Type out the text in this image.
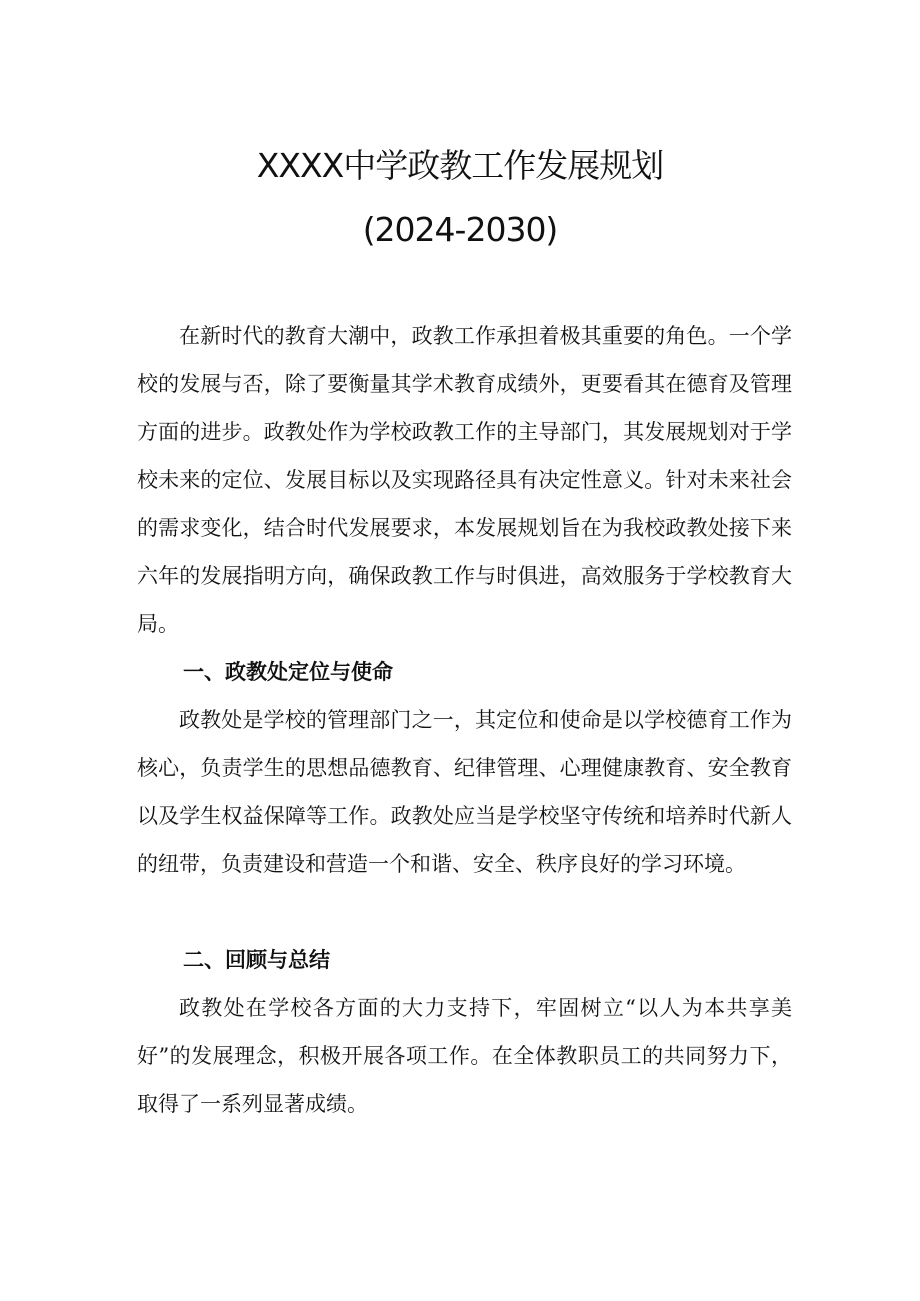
XXXX中学政教工作发展规划
(2024-2030)

在新时代的教育大潮中，政教工作承担着极其重要的角色。一个学校的发展与否，除了要衡量其学术教育成绩外，更要看其在德育及管理方面的进步。政教处作为学校政教工作的主导部门，其发展规划对于学校未来的定位、发展目标以及实现路径具有决定性意义。针对未来社会的需求变化，结合时代发展要求，本发展规划旨在为我校政教处接下来六年的发展指明方向，确保政教工作与时俱进，高效服务于学校教育大局。

一、政教处定位与使命

政教处是学校的管理部门之一，其定位和使命是以学校德育工作为核心，负责学生的思想品德教育、纪律管理、心理健康教育、安全教育以及学生权益保障等工作。政教处应当是学校坚守传统和培养时代新人的纽带，负责建设和营造一个和谐、安全、秩序良好的学习环境。

二、回顾与总结

政教处在学校各方面的大力支持下，牢固树立“以人为本共享美好”的发展理念，积极开展各项工作。在全体教职员工的共同努力下，取得了一系列显著成绩。
